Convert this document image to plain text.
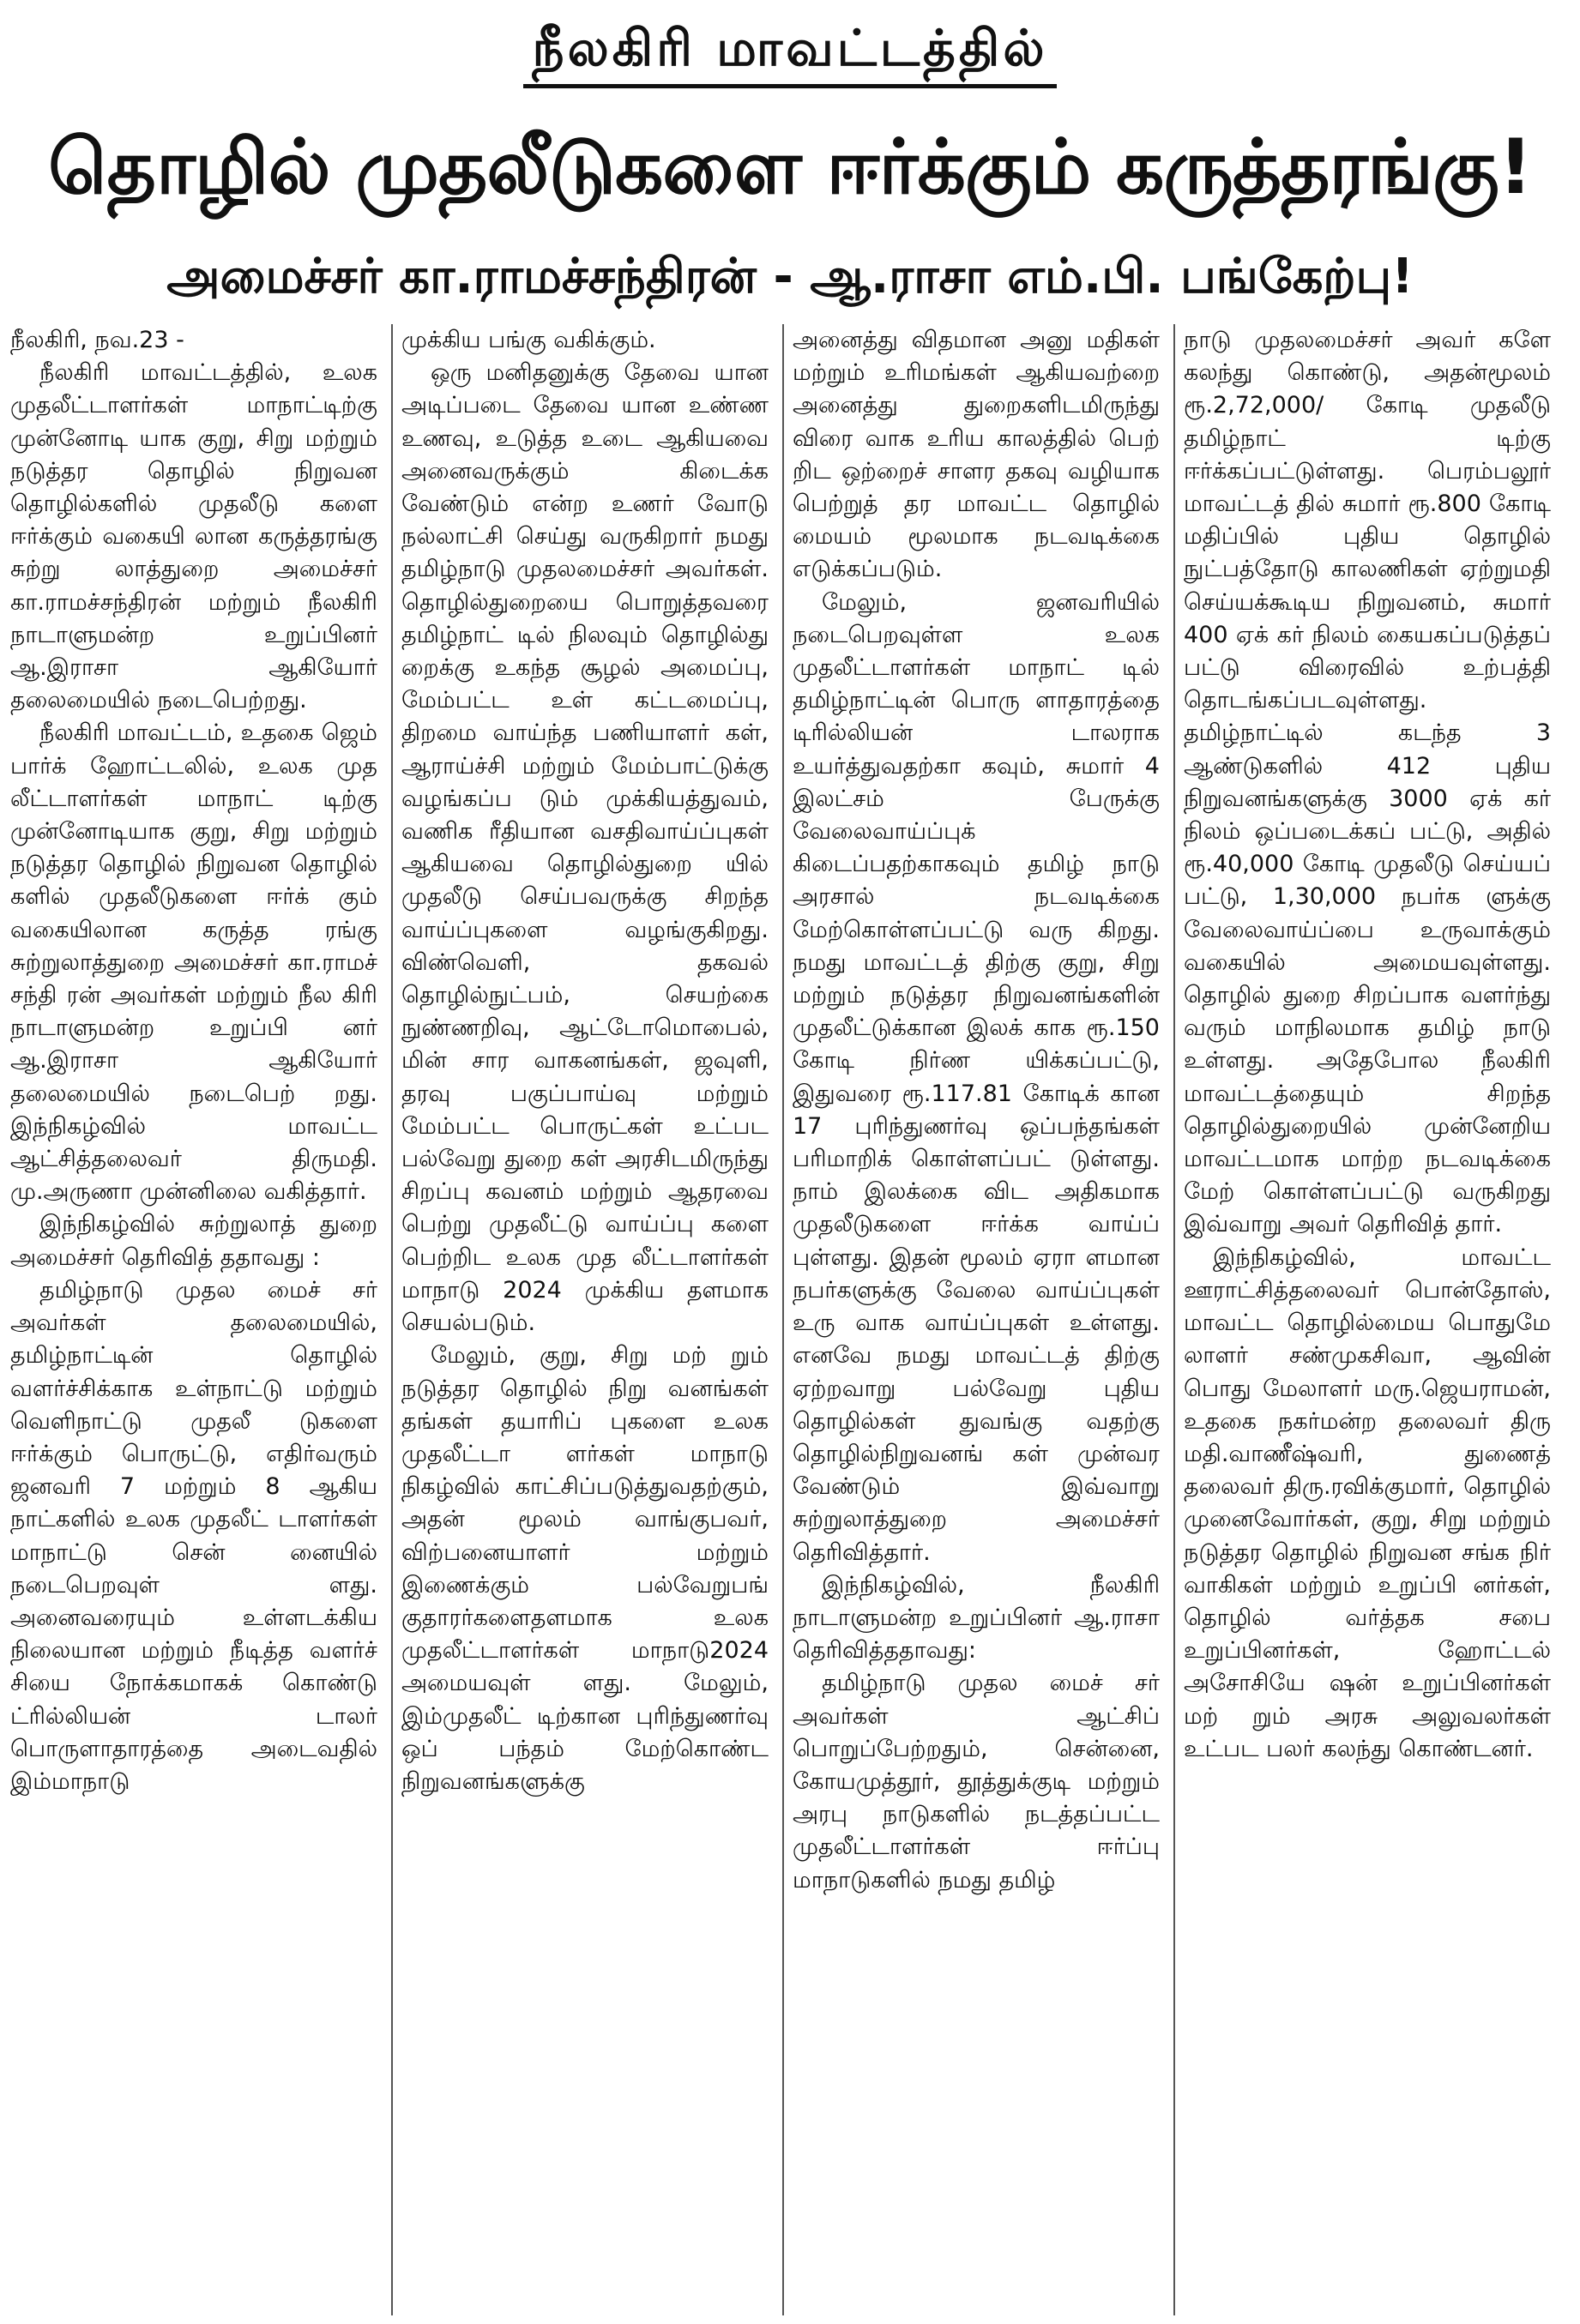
நீலகிரி மாவட்டத்தில்
தொழில் முதலீடுகளை ஈர்க்கும் கருத்தரங்கு!
அமைச்சர் கா.ராமச்சந்திரன் - ஆ.ராசா எம்.பி. பங்கேற்பு!

நீலகிரி, நவ.23 -

நீலகிரி மாவட்டத்தில், உலக முதலீட்டாளர்கள் மாநாட்டிற்கு முன்னோடி யாக குறு, சிறு மற்றும் நடுத்தர தொழில் நிறுவன தொழில்களில் முதலீடு களை ஈர்க்கும் வகையி லான கருத்தரங்கு சுற்று லாத்துறை அமைச்சர் கா.ராமச்சந்திரன் மற்றும் நீலகிரி நாடாளுமன்ற உறுப்பினர் ஆ.இராசா ஆகியோர் தலைமையில் நடைபெற்றது.

நீலகிரி மாவட்டம், உதகை ஜெம் பார்க் ஹோட்டலில், உலக முத லீட்டாளர்கள் மாநாட் டிற்கு முன்னோடியாக குறு, சிறு மற்றும் நடுத்தர தொழில் நிறுவன தொழில் களில் முதலீடுகளை ஈர்க் கும் வகையிலான கருத்த ரங்கு சுற்றுலாத்துறை அமைச்சர் கா.ராமச் சந்தி ரன் அவர்கள் மற்றும் நீல கிரி நாடாளுமன்ற உறுப்பி னர் ஆ.இராசா ஆகியோர் தலைமையில் நடைபெற் றது. இந்நிகழ்வில் மாவட்ட ஆட்சித்தலைவர் திருமதி. மு.அருணா முன்னிலை வகித்தார்.

இந்நிகழ்வில் சுற்றுலாத் துறை அமைச்சர் தெரிவித் ததாவது :

தமிழ்நாடு முதல மைச் சர் அவர்கள் தலைமையில், தமிழ்நாட்டின் தொழில் வளர்ச்சிக்காக உள்நாட்டு மற்றும் வெளிநாட்டு முதலீ டுகளை ஈர்க்கும் பொருட்டு, எதிர்வரும் ஜனவரி 7 மற்றும் 8 ஆகிய நாட்களில் உலக முதலீட் டாளர்கள் மாநாட்டு சென் னையில் நடைபெறவுள் ளது. அனைவரையும் உள்ளடக்கிய நிலையான மற்றும் நீடித்த வளர்ச் சியை நோக்கமாகக் கொண்டு ட்ரில்லியன் டாலர் பொருளாதாரத்தை அடைவதில் இம்மாநாடு

முக்கிய பங்கு வகிக்கும்.

ஒரு மனிதனுக்கு தேவை யான அடிப்படை தேவை யான உண்ண உணவு, உடுத்த உடை ஆகியவை அனைவருக்கும் கிடைக்க வேண்டும் என்ற உணர் வோடு நல்லாட்சி செய்து வருகிறார் நமது தமிழ்நாடு முதலமைச்சர் அவர்கள். தொழில்துறையை பொறுத்தவரை தமிழ்நாட் டில் நிலவும் தொழில்து றைக்கு உகந்த சூழல் அமைப்பு, மேம்பட்ட உள் கட்டமைப்பு, திறமை வாய்ந்த பணியாளர் கள், ஆராய்ச்சி மற்றும் மேம்பாட்டுக்கு வழங்கப்ப டும் முக்கியத்துவம், வணிக ரீதியான வசதிவாய்ப்புகள் ஆகியவை தொழில்துறை யில் முதலீடு செய்பவருக்கு சிறந்த வாய்ப்புகளை வழங்குகிறது. விண்வெளி, தகவல் தொழில்நுட்பம், செயற்கை நுண்ணறிவு, ஆட்டோமொபைல், மின் சார வாகனங்கள், ஜவுளி, தரவு பகுப்பாய்வு மற்றும் மேம்பட்ட பொருட்கள் உட்பட பல்வேறு துறை கள் அரசிடமிருந்து சிறப்பு கவனம் மற்றும் ஆதரவை பெற்று முதலீட்டு வாய்ப்பு களை பெற்றிட உலக முத லீட்டாளர்கள் மாநாடு 2024 முக்கிய தளமாக செயல்படும்.

மேலும், குறு, சிறு மற் றும் நடுத்தர தொழில் நிறு வனங்கள் தங்கள் தயாரிப் புகளை உலக முதலீட்டா ளர்கள் மாநாடு நிகழ்வில் காட்சிப்படுத்துவதற்கும், அதன் மூலம் வாங்குபவர், விற்பனையாளர் மற்றும் இணைக்கும் பல்வேறுபங் குதாரர்களைதளமாக உலக முதலீட்டாளர்கள் மாநாடு2024 அமையவுள் ளது. மேலும், இம்முதலீட் டிற்கான புரிந்துணர்வு ஒப் பந்தம் மேற்கொண்ட நிறுவனங்களுக்கு

அனைத்து விதமான அனு மதிகள் மற்றும் உரிமங்கள் ஆகியவற்றை அனைத்து துறைகளிடமிருந்து விரை வாக உரிய காலத்தில் பெற் றிட ஒற்றைச் சாளர தகவு வழியாக பெற்றுத் தர மாவட்ட தொழில் மையம் மூலமாக நடவடிக்கை எடுக்கப்படும்.

மேலும், ஜனவரியில் நடைபெறவுள்ள உலக முதலீட்டாளர்கள் மாநாட் டில் தமிழ்நாட்டின் பொரு ளாதாரத்தை டிரில்லியன் டாலராக உயர்த்துவதற்கா கவும், சுமார் 4 இலட்சம் பேருக்கு வேலைவாய்ப்புக் கிடைப்பதற்காகவும் தமிழ் நாடு அரசால் நடவடிக்கை மேற்கொள்ளப்பட்டு வரு கிறது. நமது மாவட்டத் திற்கு குறு, சிறு மற்றும் நடுத்தர நிறுவனங்களின் முதலீட்டுக்கான இலக் காக ரூ.150 கோடி நிர்ண யிக்கப்பட்டு, இதுவரை ரூ.117.81 கோடிக் கான 17 புரிந்துணர்வு ஒப்பந்தங்கள் பரிமாறிக் கொள்ளப்பட் டுள்ளது. நாம் இலக்கை விட அதிகமாக முதலீடுகளை ஈர்க்க வாய்ப் புள்ளது. இதன் மூலம் ஏரா ளமான நபர்களுக்கு வேலை வாய்ப்புகள் உரு வாக வாய்ப்புகள் உள்ளது. எனவே நமது மாவட்டத் திற்கு ஏற்றவாறு பல்வேறு புதிய தொழில்கள் துவங்கு வதற்கு தொழில்நிறுவனங் கள் முன்வர வேண்டும் இவ்வாறு சுற்றுலாத்துறை அமைச்சர் தெரிவித்தார்.

இந்நிகழ்வில், நீலகிரி நாடாளுமன்ற உறுப்பினர் ஆ.ராசா தெரிவித்ததாவது:

தமிழ்நாடு முதல மைச் சர் அவர்கள் ஆட்சிப் பொறுப்பேற்றதும், சென்னை, கோயமுத்தூர், தூத்துக்குடி மற்றும் அரபு நாடுகளில் நடத்தப்பட்ட முதலீட்டாளர்கள் ஈர்ப்பு மாநாடுகளில் நமது தமிழ்

நாடு முதலமைச்சர் அவர் களே கலந்து கொண்டு, அதன்மூலம் ரூ.2,72,000/ கோடி முதலீடு தமிழ்நாட் டிற்கு ஈர்க்கப்பட்டுள்ளது. பெரம்பலூர் மாவட்டத் தில் சுமார் ரூ.800 கோடி மதிப்பில் புதிய தொழில் நுட்பத்தோடு காலணிகள் ஏற்றுமதி செய்யக்கூடிய நிறுவனம், சுமார் 400 ஏக் கர் நிலம் கையகப்படுத்தப் பட்டு விரைவில் உற்பத்தி தொடங்கப்படவுள்ளது. தமிழ்நாட்டில் கடந்த 3 ஆண்டுகளில் 412 புதிய நிறுவனங்களுக்கு 3000 ஏக் கர் நிலம் ஒப்படைக்கப் பட்டு, அதில் ரூ.40,000 கோடி முதலீடு செய்யப் பட்டு, 1,30,000 நபர்க ளுக்கு வேலைவாய்ப்பை உருவாக்கும் வகையில் அமையவுள்ளது. தொழில் துறை சிறப்பாக வளர்ந்து வரும் மாநிலமாக தமிழ் நாடு உள்ளது. அதேபோல நீலகிரி மாவட்டத்தையும் சிறந்த தொழில்துறையில் முன்னேறிய மாவட்டமாக மாற்ற நடவடிக்கை மேற் கொள்ளப்பட்டு வருகிறது இவ்வாறு அவர் தெரிவித் தார்.

இந்நிகழ்வில், மாவட்ட ஊராட்சித்தலைவர் பொன்தோஸ், மாவட்ட தொழில்மைய பொதுமே லாளர் சண்முகசிவா, ஆவின் பொது மேலாளர் மரு.ஜெயராமன், உதகை நகர்மன்ற தலைவர் திரு மதி.வாணீஷ்வரி, துணைத் தலைவர் திரு.ரவிக்குமார், தொழில் முனைவோர்கள், குறு, சிறு மற்றும் நடுத்தர தொழில் நிறுவன சங்க நிர் வாகிகள் மற்றும் உறுப்பி னர்கள், தொழில் வர்த்தக சபை உறுப்பினர்கள், ஹோட்டல் அசோசியே ஷன் உறுப்பினர்கள் மற் றும் அரசு அலுவலர்கள் உட்பட பலர் கலந்து கொண்டனர்.
